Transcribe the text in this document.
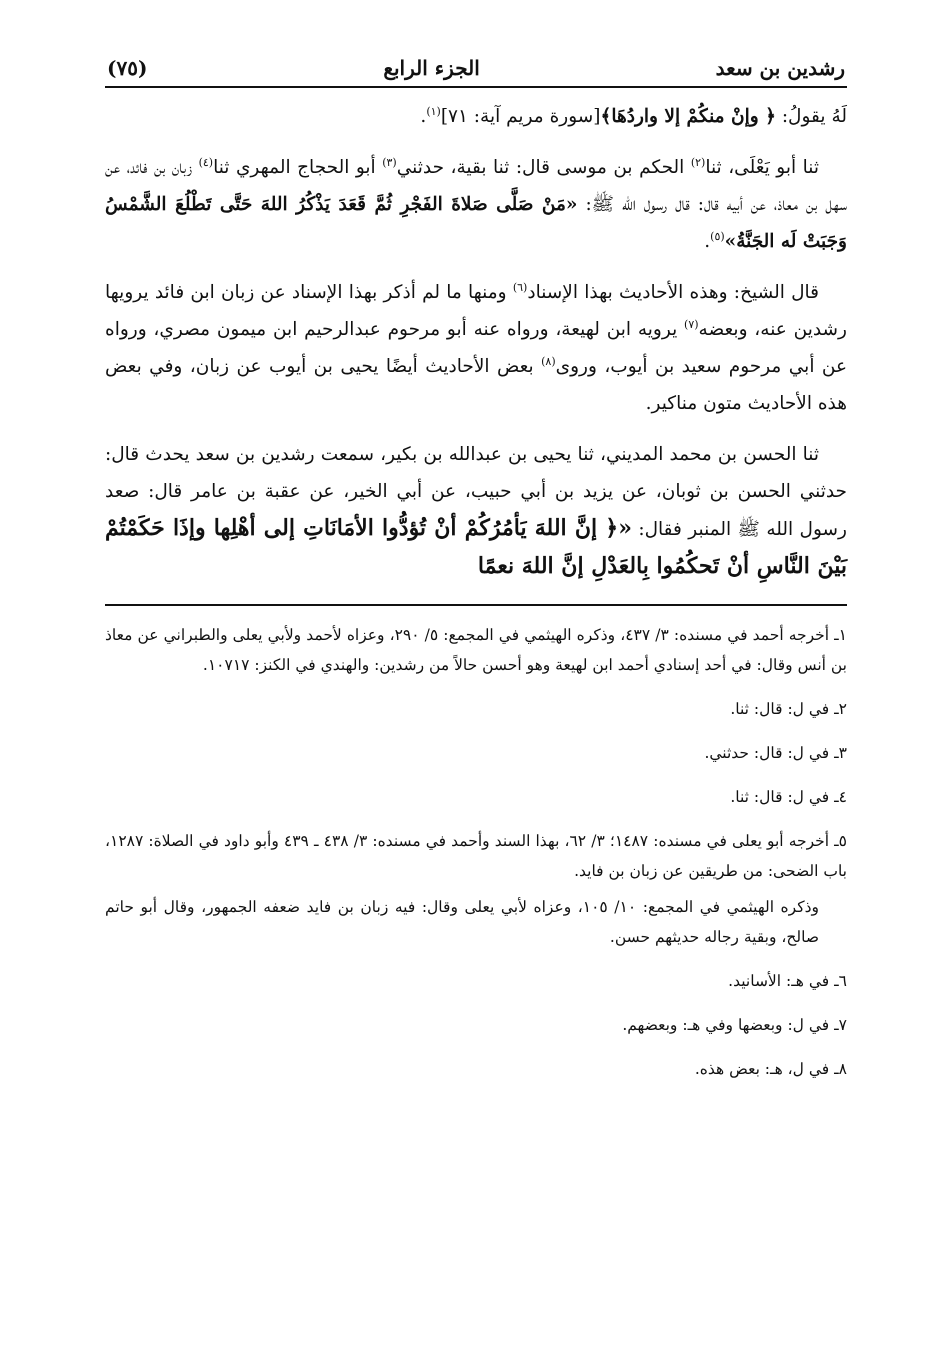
رشدين بن سعد
الجزء الرابع
(٧٥)

لَهُ يقولُ: ﴿ وإنْ منكُمْ إلا واردُهَا﴾[سورة مريم آية: ٧١]$^{(١)}$.

ثنا أبو يَعْلَى، ثنا$^{(٢)}$ الحكم بن موسى قال: ثنا بقية، حدثني$^{(٣)}$ أبو الحجاج المهري ثنا$^{(٤)}$ زبان بن فائد، عن سهل بن معاذ، عن أبيه قال: قال رسول الله ﷺ: «مَنْ صَلَّى صَلاةَ الفَجْرِ ثُمَّ قَعَدَ يَذْكُرُ اللهَ حَتَّى تَطْلُعَ الشَّمْسُ وَجَبَتْ لَه الجَنَّةُ»$^{(٥)}$.

قال الشيخ: وهذه الأحاديث بهذا الإسناد$^{(٦)}$ ومنها ما لم أذكر بهذا الإسناد عن زبان ابن فائد يرويها رشدين عنه، وبعضه$^{(٧)}$ يرويه ابن لهيعة، ورواه عنه أبو مرحوم عبدالرحيم ابن ميمون مصري، ورواه عن أبي مرحوم سعيد بن أيوب، وروى$^{(٨)}$ بعض الأحاديث أيضًا يحيى بن أيوب عن زبان، وفي بعض هذه الأحاديث متون مناكير.

ثنا الحسن بن محمد المديني، ثنا يحيى بن عبدالله بن بكير، سمعت رشدين بن سعد يحدث قال: حدثني الحسن بن ثوبان، عن يزيد بن أبي حبيب، عن أبي الخير، عن عقبة بن عامر قال: صعد رسول الله ﷺ المنبر فقال: «﴿ إنَّ اللهَ يَأمُرُكُمْ أنْ تُؤدُّوا الأمَانَاتِ إلى أهْلِها وإذَا حَكَمْتُمْ بَيْنَ النَّاسِ أنْ تَحكُمُوا بِالعَدْلِ إنَّ اللهَ نعمًا

١ـ أخرجه أحمد في مسنده: ٣/ ٤٣٧، وذكره الهيثمي في المجمع: ٥/ ٢٩٠، وعزاه لأحمد ولأبي يعلى والطبراني عن معاذ بن أنس وقال: في أحد إسنادي أحمد ابن لهيعة وهو أحسن حالاً من رشدين: والهندي في الكنز: ١٠٧١٧.

٢ـ في ل: قال: ثنا.

٣ـ في ل: قال: حدثني.

٤ـ في ل: قال: ثنا.

٥ـ أخرجه أبو يعلى في مسنده: ١٤٨٧؛ ٣/ ٦٢، بهذا السند وأحمد في مسنده: ٣/ ٤٣٨ ـ ٤٣٩ وأبو داود في الصلاة: ١٢٨٧، باب الضحى: من طريقين عن زبان بن فايد.

وذكره الهيثمي في المجمع: ١٠/ ١٠٥، وعزاه لأبي يعلى وقال: فيه زبان بن فايد ضعفه الجمهور، وقال أبو حاتم صالح، وبقية رجاله حديثهم حسن.

٦ـ في هـ: الأسانيد.

٧ـ في ل: وبعضها وفي هـ: وبعضهم.

٨ـ في ل، هـ: بعض هذه.
